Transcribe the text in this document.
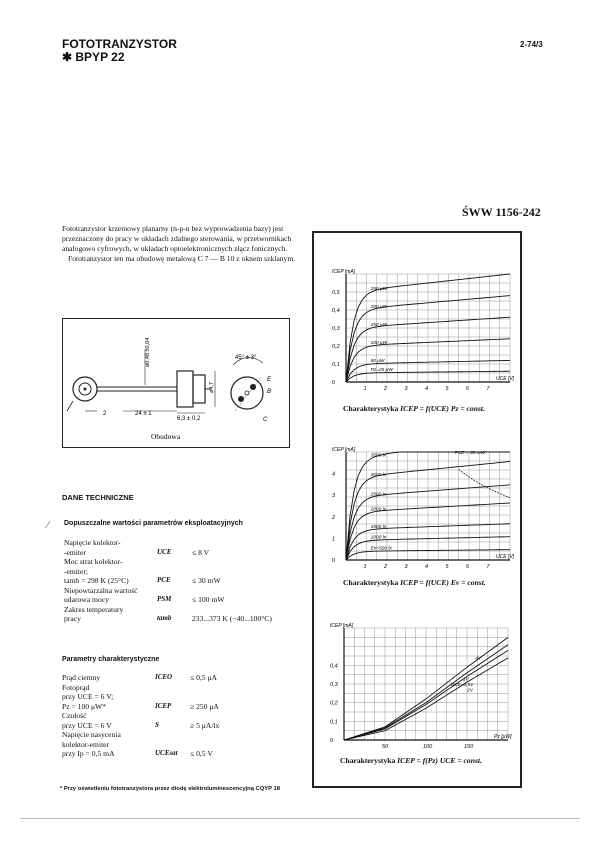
FOTOTRANZYSTOR
✱ BPYP 22
2-74/3
ŚWW 1156-242

Fototranzystor krzemowy planarny (n-p-n bez wyprowadzenia bazy) jest przeznaczony do pracy w układach zdalnego sterowania, w przetwornikach analogowo cyfrowych, w układach optoelektronicznych złącz fonicznych.

Fototranzystor ten ma obudowę metalową C 7 — B 10 z oknem szklanym.

⌀0,48 ±0,04
⌀4,7
2	24 ± 1
6,3 ± 0,2
45° ± 3°
E
B
C
Obudowa
DANE TECHNICZNE
⁄ Dopuszczalne wartości parametrów eksploatacyjnych
Napięcie kolektor-		
-emiter	UCE	≤ 8 V
Moc strat kolektor-		
-emiter;		
tamb = 298 K (25°C)	PCE	≤ 30 mW
Niepowtarzalna wartość		
udarowa mocy	PSM	≤ 100 mW
Zakres temperatury		
pracy	tamb	233...373 K (−40...100°C)
Parametry charakterystyczne
Prąd ciemny	ICEO	≤ 0,5 μA
Fotoprąd		
przy UCE = 6 V;		
Pz = 100 μW*	ICEP	≥ 250 μA
Czułość		
przy UCE = 6 V	S	≥ 5 μA/lx
Napięcie nasycenia		
kolektor-emiter		
przy Ip = 0,5 mA	UCEsat	≤ 0,5 V

* Przy oświetleniu fototranzystora przez diodę elektroluminescencyjną CQYP 18

1	2	3	4	5	6	7
0,1
0,2
0,3
0,4
0,5
0
UCE [V]
ICEP [mA]
Pz=25 μW
50 μW
100 μW
150 μW
200 μW
250 μW
Charakterystyka ICEP = f(UCE) Pz = const.
1	2	3	4	5	6	7
1
2
3
4
0
UCE [V]
ICEP [mA]
Ev=500 lx
1000 lx
1500 lx
2000 lx
2500 lx
3000 lx
3500 lx	PCE = 30 mW
Charakterystyka ICEP = f(UCE) Ev = const.
50	100	150
0,1
0,2
0,3
0,4
0
Pz [μW]
ICEP [mA]
UCE=0,5V
1V
2V
4V
Charakterystyka ICEP = f(Pz) UCE = const.
